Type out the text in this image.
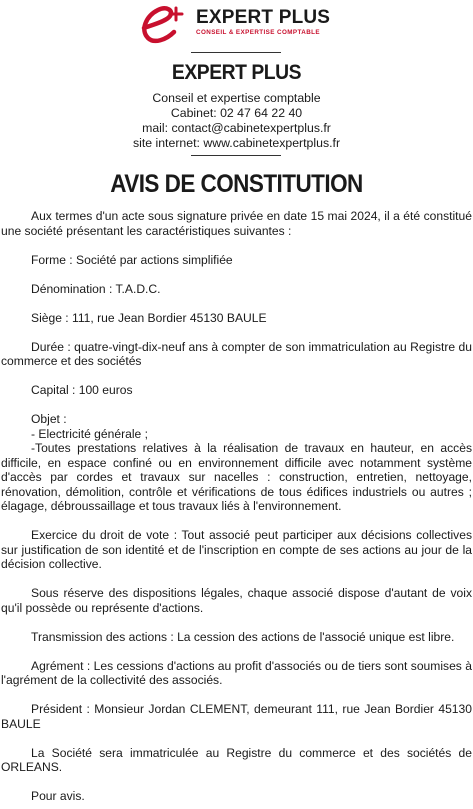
EXPERT PLUS
CONSEIL & EXPERTISE COMPTABLE
EXPERT PLUS
Conseil et expertise comptable
Cabinet: 02 47 64 22 40
mail: contact@cabinetexpertplus.fr
site internet: www.cabinetexpertplus.fr
AVIS DE CONSTITUTION

Aux termes d'un acte sous signature privée en date 15 mai 2024, il a été constitué une société présentant les caractéristiques suivantes :

Forme : Société par actions simplifiée

Dénomination : T.A.D.C.

Siège : 111, rue Jean Bordier 45130 BAULE

Durée : quatre-vingt-dix-neuf ans à compter de son immatriculation au Registre du commerce et des sociétés

Capital : 100 euros

Objet :

- Electricité générale ;

-Toutes prestations relatives à la réalisation de travaux en hauteur, en accès difficile, en espace confiné ou en environnement difficile avec notamment système d'accès par cordes et travaux sur nacelles : construction, entretien, nettoyage, rénovation, démolition, contrôle et vérifications de tous édifices industriels ou autres ; élagage, débroussaillage et tous travaux liés à l'environnement.

Exercice du droit de vote : Tout associé peut participer aux décisions collectives sur justification de son identité et de l'inscription en compte de ses actions au jour de la décision collective.

Sous réserve des dispositions légales, chaque associé dispose d'autant de voix qu'il possède ou représente d'actions.

Transmission des actions : La cession des actions de l'associé unique est libre.

Agrément : Les cessions d'actions au profit d'associés ou de tiers sont soumises à l'agrément de la collectivité des associés.

Président : Monsieur Jordan CLEMENT, demeurant 111, rue Jean Bordier 45130 BAULE

La Société sera immatriculée au Registre du commerce et des sociétés de ORLEANS.

Pour avis.
